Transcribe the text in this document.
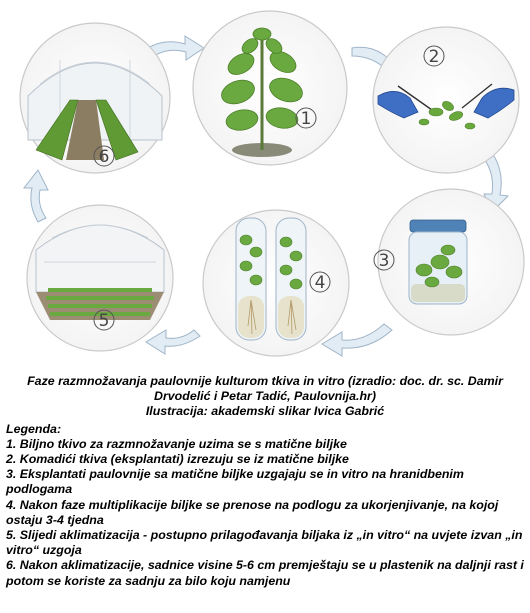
1
2
3
4
5
6

Faze razmnožavanja paulovnije kulturom tkiva in vitro (izradio: doc. dr. sc. Damir Drvodelić i Petar Tadić, Paulovnija.hr)
Ilustracija: akademski slikar Ivica Gabrić

Legenda:

1. Biljno tkivo za razmnožavanje uzima se s matične biljke
2. Komadići tkiva (eksplantati) izrezuju se iz matične biljke
3. Eksplantati paulovnije sa matične biljke uzgajaju se in vitro na hranidbenim podlogama
4. Nakon faze multiplikacije biljke se prenose na podlogu za ukorjenjivanje, na kojoj ostaju 3-4 tjedna
5. Slijedi aklimatizacija - postupno prilagođavanja biljaka iz „in vitro“ na uvjete izvan „in vitro“ uzgoja
6. Nakon aklimatizacije, sadnice visine 5-6 cm premještaju se u plastenik na daljnji rast i potom se koriste za sadnju za bilo koju namjenu
